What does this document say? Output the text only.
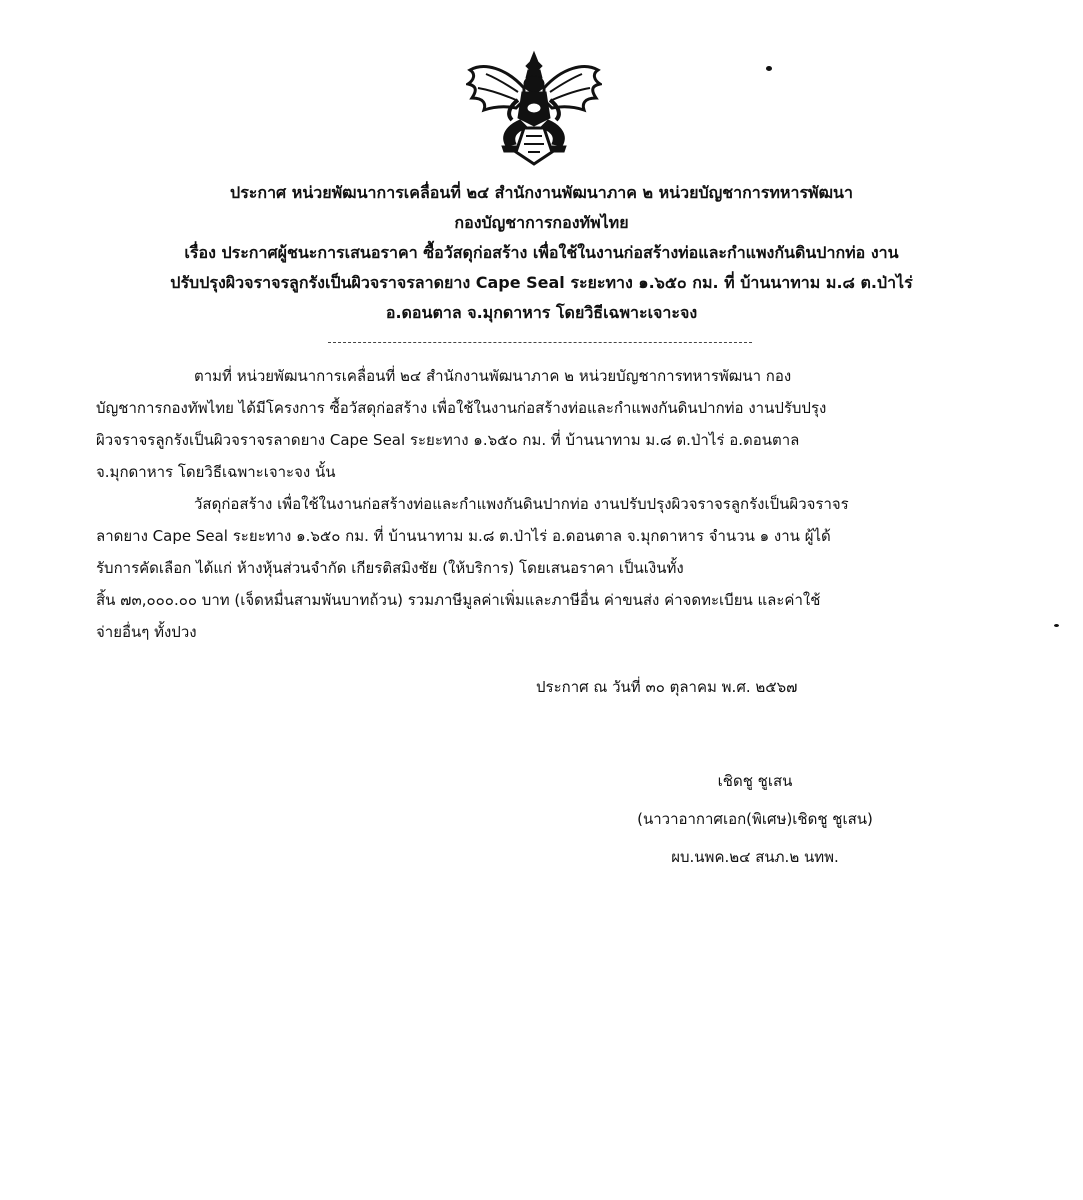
ประกาศ หน่วยพัฒนาการเคลื่อนที่ ๒๔ สำนักงานพัฒนาภาค ๒ หน่วยบัญชาการทหารพัฒนา
กองบัญชาการกองทัพไทย
เรื่อง ประกาศผู้ชนะการเสนอราคา ซื้อวัสดุก่อสร้าง เพื่อใช้ในงานก่อสร้างท่อและกำแพงกันดินปากท่อ งาน
ปรับปรุงผิวจราจรลูกรังเป็นผิวจราจรลาดยาง Cape Seal ระยะทาง ๑.๖๕๐ กม. ที่ บ้านนาทาม ม.๘ ต.ป่าไร่
อ.ดอนตาล จ.มุกดาหาร โดยวิธีเฉพาะเจาะจง
ตามที่ หน่วยพัฒนาการเคลื่อนที่ ๒๔ สำนักงานพัฒนาภาค ๒ หน่วยบัญชาการทหารพัฒนา กอง
บัญชาการกองทัพไทย ได้มีโครงการ ซื้อวัสดุก่อสร้าง เพื่อใช้ในงานก่อสร้างท่อและกำแพงกันดินปากท่อ งานปรับปรุง
ผิวจราจรลูกรังเป็นผิวจราจรลาดยาง Cape Seal ระยะทาง ๑.๖๕๐ กม. ที่ บ้านนาทาม ม.๘ ต.ป่าไร่ อ.ดอนตาล
จ.มุกดาหาร โดยวิธีเฉพาะเจาะจง นั้น
วัสดุก่อสร้าง เพื่อใช้ในงานก่อสร้างท่อและกำแพงกันดินปากท่อ งานปรับปรุงผิวจราจรลูกรังเป็นผิวจราจร
ลาดยาง Cape Seal ระยะทาง ๑.๖๕๐ กม. ที่ บ้านนาทาม ม.๘ ต.ป่าไร่ อ.ดอนตาล จ.มุกดาหาร จำนวน ๑ งาน ผู้ได้
รับการคัดเลือก ได้แก่ ห้างหุ้นส่วนจำกัด เกียรติสมิงชัย (ให้บริการ) โดยเสนอราคา เป็นเงินทั้ง
สิ้น ๗๓,๐๐๐.๐๐ บาท (เจ็ดหมื่นสามพันบาทถ้วน) รวมภาษีมูลค่าเพิ่มและภาษีอื่น ค่าขนส่ง ค่าจดทะเบียน และค่าใช้
จ่ายอื่นๆ ทั้งปวง
ประกาศ ณ วันที่ ๓๐ ตุลาคม พ.ศ. ๒๕๖๗
เชิดชู ชูเสน
(นาวาอากาศเอก(พิเศษ)เชิดชู ชูเสน)
ผบ.นพค.๒๔ สนภ.๒ นทพ.
